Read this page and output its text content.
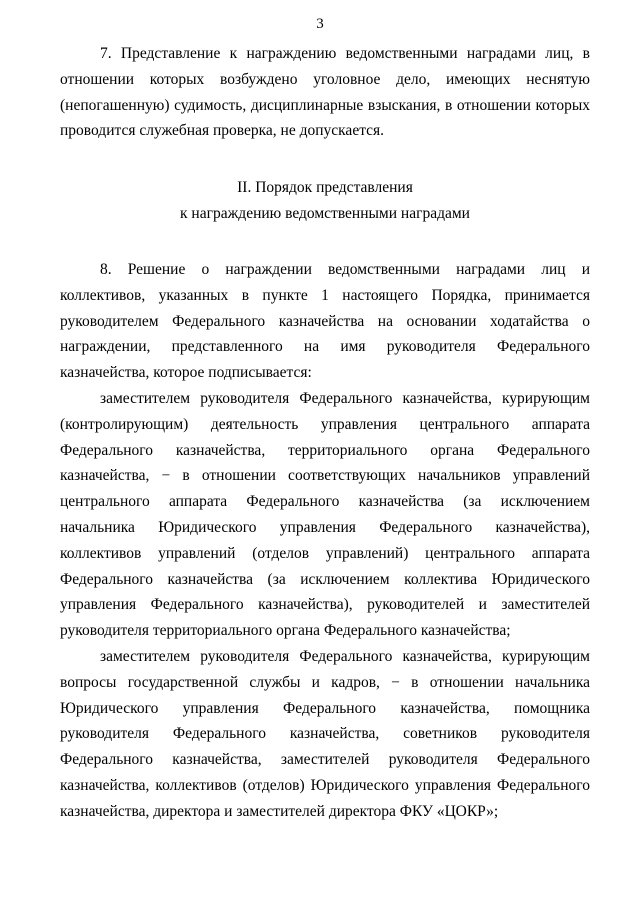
3

7. Представление к награждению ведомственными наградами лиц, в отношении которых возбуждено уголовное дело, имеющих неснятую (непогашенную) судимость, дисциплинарные взыскания, в отношении которых проводится служебная проверка, не допускается.

II. Порядок представления
к награждению ведомственными наградами

8. Решение о награждении ведомственными наградами лиц и коллективов, указанных в пункте 1 настоящего Порядка, принимается руководителем Федерального казначейства на основании ходатайства о награждении, представленного на имя руководителя Федерального казначейства, которое подписывается:

заместителем руководителя Федерального казначейства, курирующим (контролирующим) деятельность управления центрального аппарата Федерального казначейства, территориального органа Федерального казначейства, − в отношении соответствующих начальников управлений центрального аппарата Федерального казначейства (за исключением начальника Юридического управления Федерального казначейства), коллективов управлений (отделов управлений) центрального аппарата Федерального казначейства (за исключением коллектива Юридического управления Федерального казначейства), руководителей и заместителей руководителя территориального органа Федерального казначейства;

заместителем руководителя Федерального казначейства, курирующим вопросы государственной службы и кадров, − в отношении начальника Юридического управления Федерального казначейства, помощника руководителя Федерального казначейства, советников руководителя Федерального казначейства, заместителей руководителя Федерального казначейства, коллективов (отделов) Юридического управления Федерального казначейства, директора и заместителей директора ФКУ «ЦОКР»;
